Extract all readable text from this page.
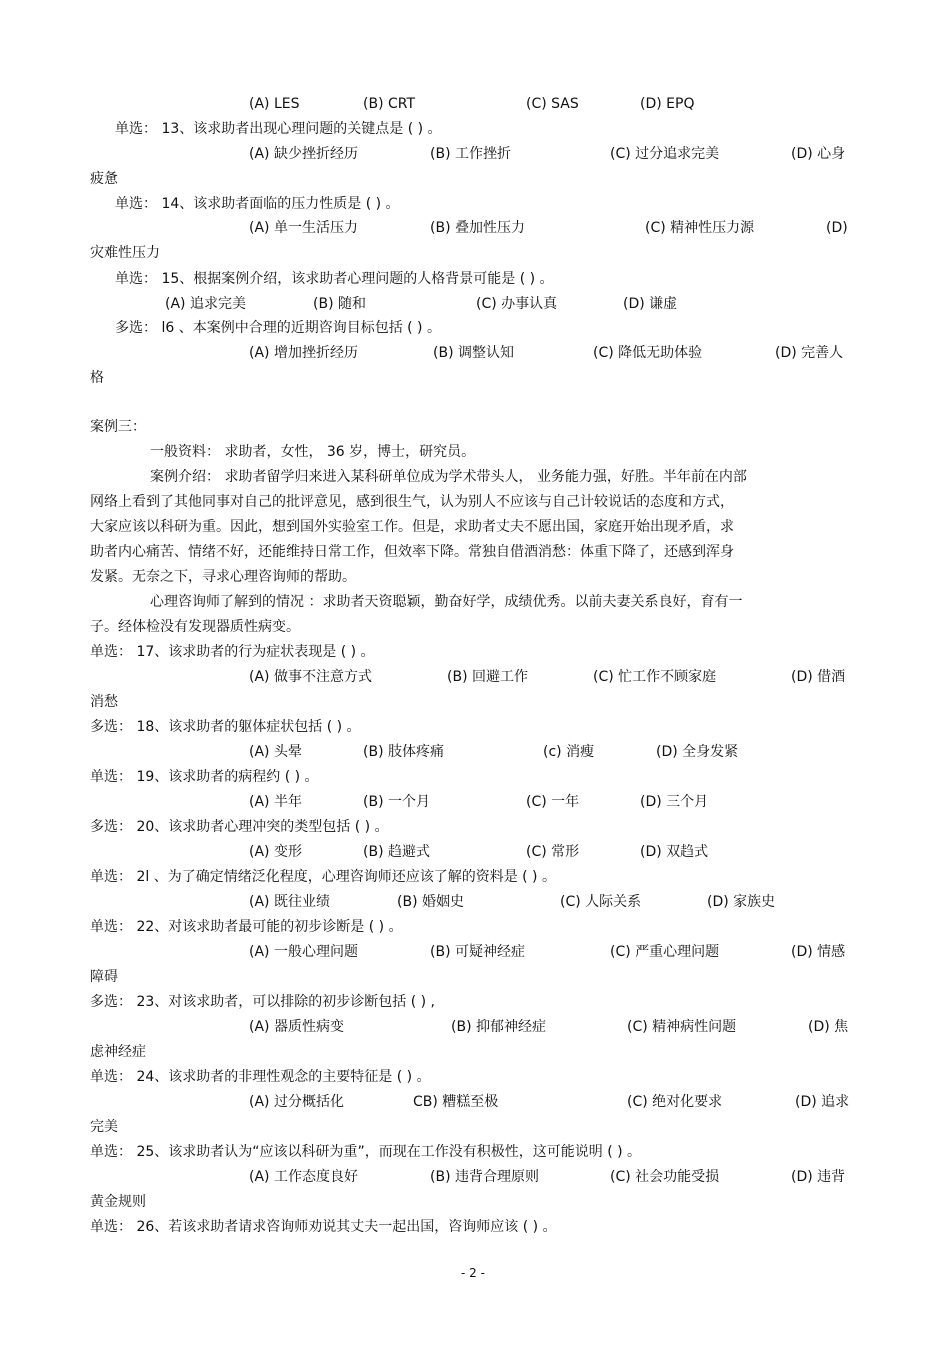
(A) LES	(B) CRT	(C) SAS	(D) EPQ
单选： 13、该求助者出现心理问题的关键点是 ( ) 。
(A) 缺少挫折经历	(B) 工作挫折	(C) 过分追求完美	(D) 心身
疲惫
单选： 14、该求助者面临的压力性质是 ( ) 。
(A) 单一生活压力	(B) 叠加性压力	(C) 精神性压力源	(D)
灾难性压力
单选： 15、根据案例介绍，该求助者心理问题的人格背景可能是 ( ) 。
(A) 追求完美	(B) 随和	(C) 办事认真	(D) 谦虚
多选： l6 、本案例中合理的近期咨询目标包括 ( ) 。
(A) 增加挫折经历	(B) 调整认知	(C) 降低无助体验	(D) 完善人
格
案例三：
一般资料： 求助者，女性， 36 岁，博士，研究员。
案例介绍： 求助者留学归来进入某科研单位成为学术带头人， 业务能力强，好胜。半年前在内部
网络上看到了其他同事对自己的批评意见，感到很生气，认为别人不应该与自己计较说话的态度和方式，
大家应该以科研为重。因此，想到国外实验室工作。但是，求助者丈夫不愿出国，家庭开始出现矛盾，求
助者内心痛苦、情绪不好，还能维持日常工作，但效率下降。常独自借酒消愁：体重下降了，还感到浑身
发紧。无奈之下，寻求心理咨询师的帮助。
心理咨询师了解到的情况 ：求助者天资聪颖，勤奋好学，成绩优秀。以前夫妻关系良好，育有一
子。经体检没有发现器质性病变。
单选： 17、该求助者的行为症状表现是 ( ) 。
(A) 做事不注意方式	(B) 回避工作	(C) 忙工作不顾家庭	(D) 借酒
消愁
多选： 18、该求助者的躯体症状包括 ( ) 。
(A) 头晕	(B) 肢体疼痛	(c) 消瘦	(D) 全身发紧
单选： 19、该求助者的病程约 ( ) 。
(A) 半年	(B) 一个月	(C) 一年	(D) 三个月
多选： 20、该求助者心理冲突的类型包括 ( ) 。
(A) 变形	(B) 趋避式	(C) 常形	(D) 双趋式
单选： 2l 、为了确定情绪泛化程度，心理咨询师还应该了解的资料是 ( ) 。
(A) 既往业绩	(B) 婚姻史	(C) 人际关系	(D) 家族史
单选： 22、对该求助者最可能的初步诊断是 ( ) 。
(A) 一般心理问题	(B) 可疑神经症	(C) 严重心理问题	(D) 情感
障碍
多选： 23、对该求助者，可以排除的初步诊断包括 ( ) ,
(A) 器质性病变	(B) 抑郁神经症	(C) 精神病性问题	(D) 焦
虑神经症
单选： 24、该求助者的非理性观念的主要特征是 ( ) 。
(A) 过分概括化	CB) 糟糕至极	(C) 绝对化要求	(D) 追求
完美
单选： 25、该求助者认为“应该以科研为重”，而现在工作没有积极性，这可能说明 ( ) 。
(A) 工作态度良好	(B) 违背合理原则	(C) 社会功能受损	(D) 违背
黄金规则
单选： 26、若该求助者请求咨询师劝说其丈夫一起出国，咨询师应该 ( ) 。
- 2 -
